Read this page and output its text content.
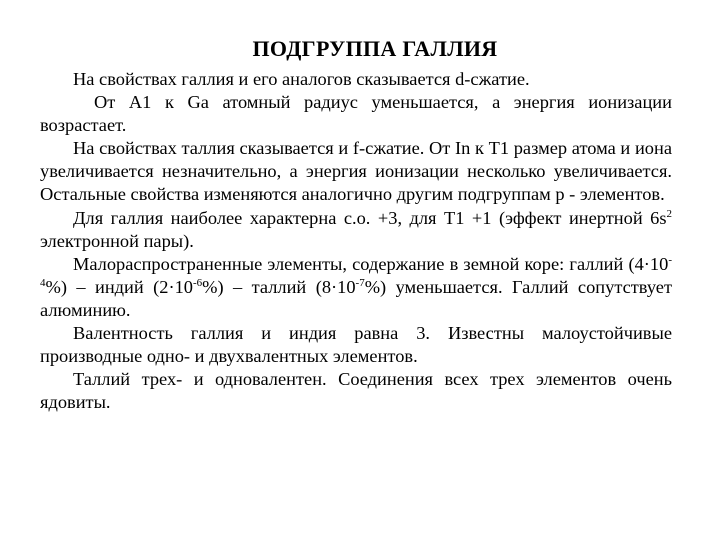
ПОДГРУППА ГАЛЛИЯ

На свойствах галлия и его аналогов сказывается d-сжатие.

От А1 к Ga атомный радиус уменьшается, а энергия ионизации возрастает.

На свойствах таллия сказывается и f-сжатие. От In к Т1 размер атома и иона увеличивается незначительно, а энергия ионизации несколько увеличивается. Остальные свойства изменяются аналогично другим подгруппам р - элементов.

Для галлия наиболее характерна с.о. +3, для Т1 +1 (эффект инертной $6s^2$ электронной пары).

Малораспространенные элементы, содержание в земной коре: галлий $(4\cdot 10^{-4}\%)$ – индий $(2\cdot 10^{-6}\%)$ – таллий $(8\cdot 10^{-7}\%)$ уменьшается. Галлий сопутствует алюминию.

Валентность галлия и индия равна 3. Известны малоустойчивые производные одно- и двухвалентных элементов.

Таллий трех- и одновалентен. Соединения всех трех элементов очень ядовиты.
